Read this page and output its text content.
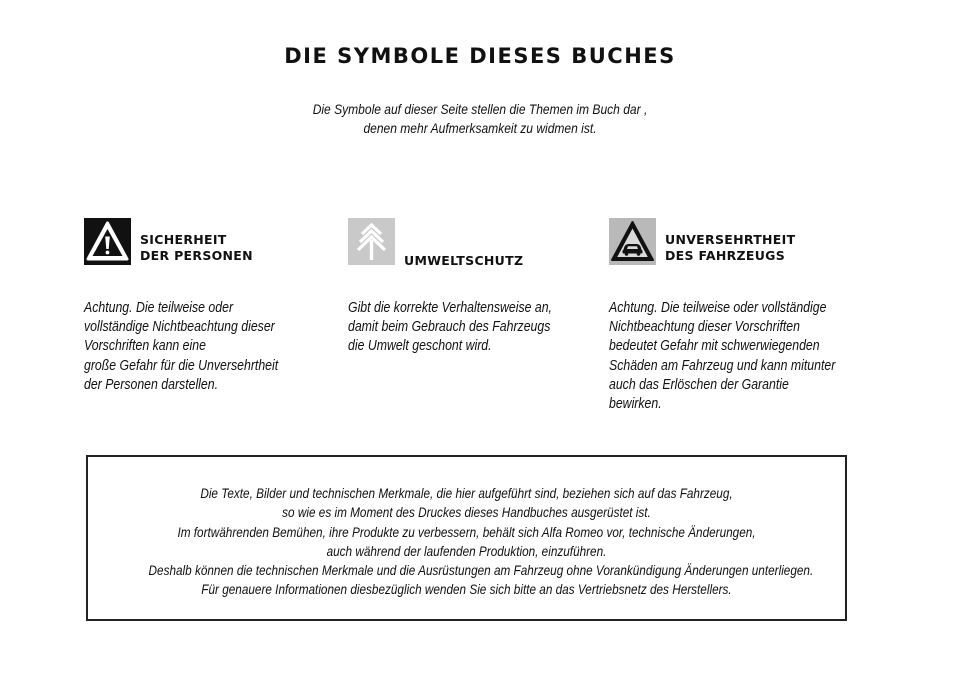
DIE SYMBOLE DIESES BUCHES
Die Symbole auf dieser Seite stellen die Themen im Buch dar ,
denen mehr Aufmerksamkeit zu widmen ist.
SICHERHEIT
DER PERSONEN
Achtung. Die teilweise oder
vollständige Nichtbeachtung dieser
Vorschriften kann eine
große Gefahr für die Unversehrtheit
der Personen darstellen.
UMWELTSCHUTZ
Gibt die korrekte Verhaltensweise an,
damit beim Gebrauch des Fahrzeugs
die Umwelt geschont wird.
UNVERSEHRTHEIT
DES FAHRZEUGS
Achtung. Die teilweise oder vollständige
Nichtbeachtung dieser Vorschriften
bedeutet Gefahr mit schwerwiegenden
Schäden am Fahrzeug und kann mitunter
auch das Erlöschen der Garantie
bewirken.
Die Texte, Bilder und technischen Merkmale, die hier aufgeführt sind, beziehen sich auf das Fahrzeug,
so wie es im Moment des Druckes dieses Handbuches ausgerüstet ist.
Im fortwährenden Bemühen, ihre Produkte zu verbessern, behält sich Alfa Romeo vor, technische Änderungen,
auch während der laufenden Produktion, einzuführen.
Deshalb können die technischen Merkmale und die Ausrüstungen am Fahrzeug ohne Vorankündigung Änderungen unterliegen.
Für genauere Informationen diesbezüglich wenden Sie sich bitte an das Vertriebsnetz des Herstellers.
